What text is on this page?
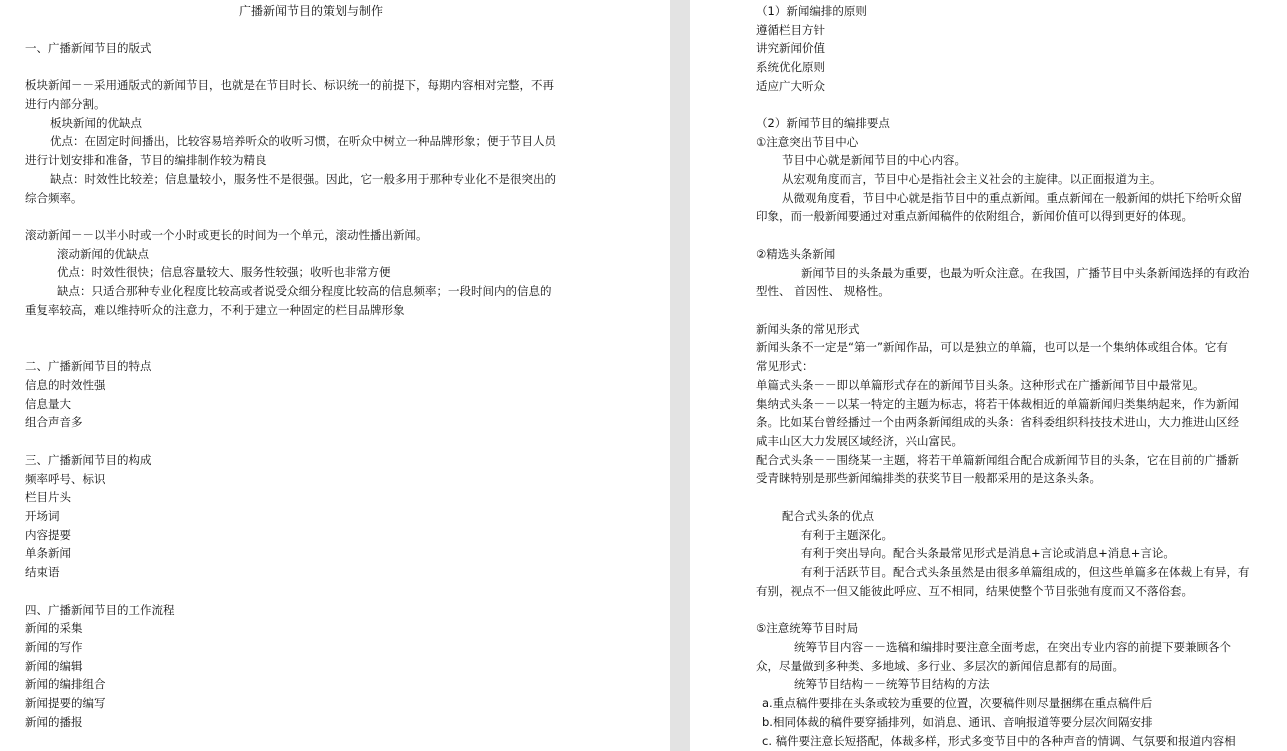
广播新闻节目的策划与制作
一、广播新闻节目的版式
板块新闻－－采用通版式的新闻节目，也就是在节目时长、标识统一的前提下，每期内容相对完整，不再
进行内部分割。
板块新闻的优缺点
优点：在固定时间播出，比较容易培养听众的收听习惯，在听众中树立一种品牌形象；便于节目人员
进行计划安排和准备，节目的编排制作较为精良
缺点：时效性比较差；信息量较小，服务性不是很强。因此，它一般多用于那种专业化不是很突出的
综合频率。
滚动新闻－－以半小时或一个小时或更长的时间为一个单元，滚动性播出新闻。
滚动新闻的优缺点
优点：时效性很快；信息容量较大、服务性较强；收听也非常方便
缺点：只适合那种专业化程度比较高或者说受众细分程度比较高的信息频率；一段时间内的信息的
重复率较高，难以维持听众的注意力，不利于建立一种固定的栏目品牌形象
二、广播新闻节目的特点
信息的时效性强
信息量大
组合声音多
三、广播新闻节目的构成
频率呼号、标识
栏目片头
开场词
内容提要
单条新闻
结束语
四、广播新闻节目的工作流程
新闻的采集
新闻的写作
新闻的编辑
新闻的编排组合
新闻提要的编写
新闻的播报
（1）新闻编排的原则
遵循栏目方针
讲究新闻价值
系统优化原则
适应广大听众
（2）新闻节目的编排要点
①注意突出节目中心
节目中心就是新闻节目的中心内容。
从宏观角度而言，节目中心是指社会主义社会的主旋律。以正面报道为主。
从微观角度看，节目中心就是指节目中的重点新闻。重点新闻在一般新闻的烘托下给听众留
印象，而一般新闻要通过对重点新闻稿件的依附组合，新闻价值可以得到更好的体现。
②精选头条新闻
新闻节目的头条最为重要，也最为听众注意。在我国，广播节目中头条新闻选择的有政治
型性、 首因性、 规格性。
新闻头条的常见形式
新闻头条不一定是“第一”新闻作品，可以是独立的单篇，也可以是一个集纳体或组合体。它有
常见形式：
单篇式头条－－即以单篇形式存在的新闻节目头条。这种形式在广播新闻节目中最常见。
集纳式头条－－以某一特定的主题为标志，将若干体裁相近的单篇新闻归类集纳起来，作为新闻
条。比如某台曾经播过一个由两条新闻组成的头条：省科委组织科技技术进山，大力推进山区经
咸丰山区大力发展区域经济，兴山富民。
配合式头条－－围绕某一主题，将若干单篇新闻组合配合成新闻节目的头条，它在目前的广播新
受青睐特别是那些新闻编排类的获奖节目一般都采用的是这条头条。
配合式头条的优点
有利于主题深化。
有利于突出导向。配合头条最常见形式是消息+言论或消息+消息+言论。
有利于活跃节目。配合式头条虽然是由很多单篇组成的，但这些单篇多在体裁上有异，有
有别，视点不一但又能彼此呼应、互不相同，结果使整个节目张弛有度而又不落俗套。
⑤注意统筹节目时局
统筹节目内容－－选稿和编排时要注意全面考虑，在突出专业内容的前提下要兼顾各个
众，尽量做到多种类、多地域、多行业、多层次的新闻信息都有的局面。
统筹节目结构－－统筹节目结构的方法
a.重点稿件要排在头条或较为重要的位置，次要稿件则尽量捆绑在重点稿件后
b.相同体裁的稿件要穿插排列，如消息、通讯、音响报道等要分层次间隔安排
c. 稿件要注意长短搭配，体裁多样，形式多变节目中的各种声音的情调、气氛要和报道内容相
